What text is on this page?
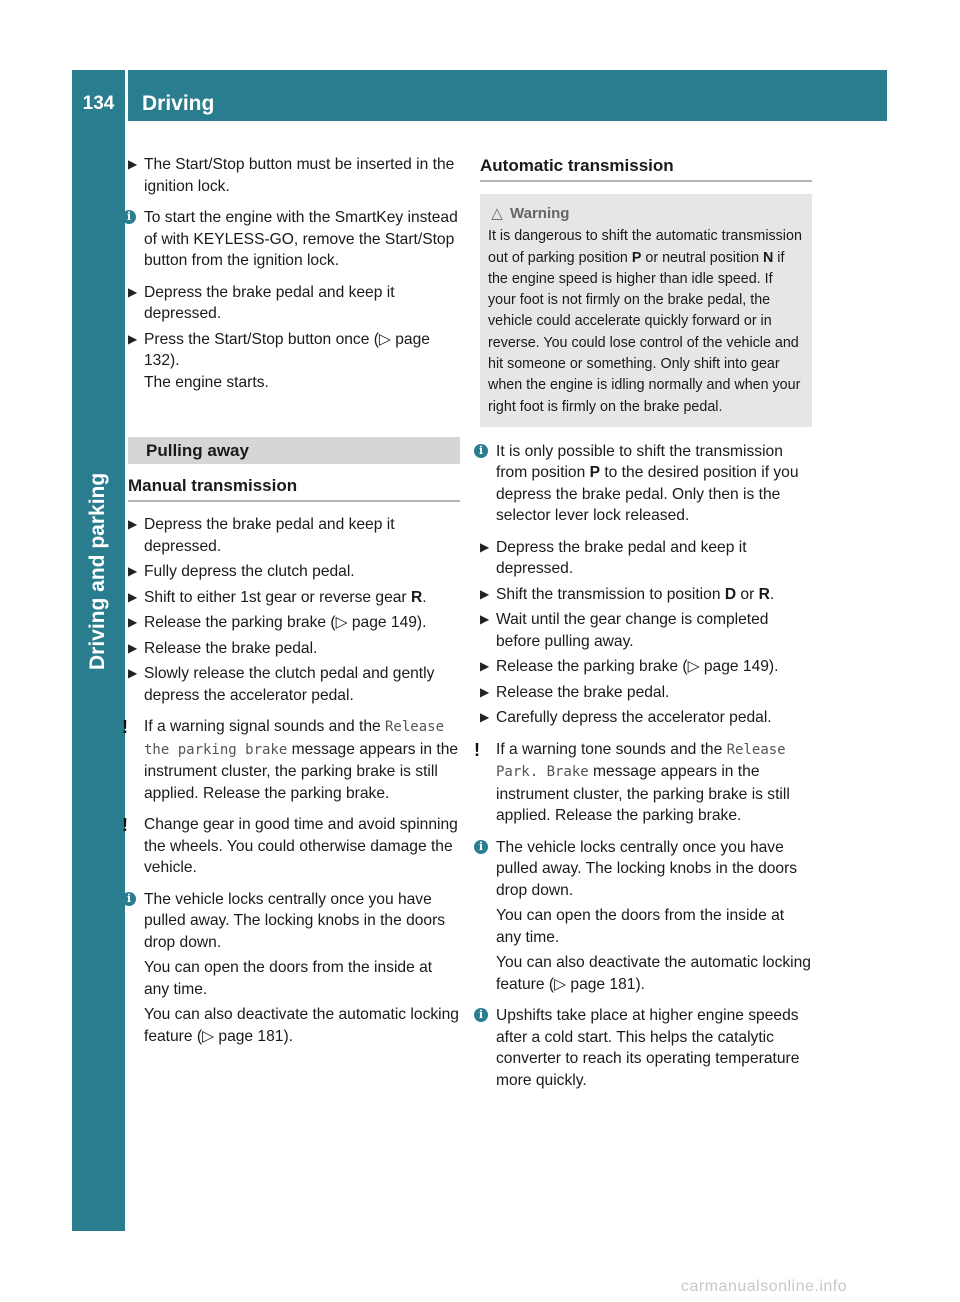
134	Driving
Driving and parking
▶ The Start/Stop button must be inserted in the ignition lock.
i To start the engine with the SmartKey instead of with KEYLESS-GO, remove the Start/Stop button from the ignition lock.
▶ Depress the brake pedal and keep it depressed.
▶ Press the Start/Stop button once (▷ page 132).
The engine starts.
Pulling away
Manual transmission
▶ Depress the brake pedal and keep it depressed.
▶ Fully depress the clutch pedal.
▶ Shift to either 1st gear or reverse gear R.
▶ Release the parking brake (▷ page 149).
▶ Release the brake pedal.
▶ Slowly release the clutch pedal and gently depress the accelerator pedal.
!	If a warning signal sounds and the Release the parking brake message appears in the instrument cluster, the parking brake is still applied. Release the parking brake.
!	Change gear in good time and avoid spinning the wheels. You could otherwise damage the vehicle.
i The vehicle locks centrally once you have pulled away. The locking knobs in the doors drop down.
You can open the doors from the inside at any time.
You can also deactivate the automatic locking feature (▷ page 181).
Automatic transmission
△ Warning
It is dangerous to shift the automatic transmission out of parking position P or neutral position N if the engine speed is higher than idle speed. If your foot is not firmly on the brake pedal, the vehicle could accelerate quickly forward or in reverse. You could lose control of the vehicle and hit someone or something. Only shift into gear when the engine is idling normally and when your right foot is firmly on the brake pedal.
i It is only possible to shift the transmission from position P to the desired position if you depress the brake pedal. Only then is the selector lever lock released.
▶ Depress the brake pedal and keep it depressed.
▶ Shift the transmission to position D or R.
▶ Wait until the gear change is completed before pulling away.
▶ Release the parking brake (▷ page 149).
▶ Release the brake pedal.
▶ Carefully depress the accelerator pedal.
!	If a warning tone sounds and the Release Park. Brake message appears in the instrument cluster, the parking brake is still applied. Release the parking brake.
i The vehicle locks centrally once you have pulled away. The locking knobs in the doors drop down.
You can open the doors from the inside at any time.
You can also deactivate the automatic locking feature (▷ page 181).
i Upshifts take place at higher engine speeds after a cold start. This helps the catalytic converter to reach its operating temperature more quickly.
carmanualsonline.info
